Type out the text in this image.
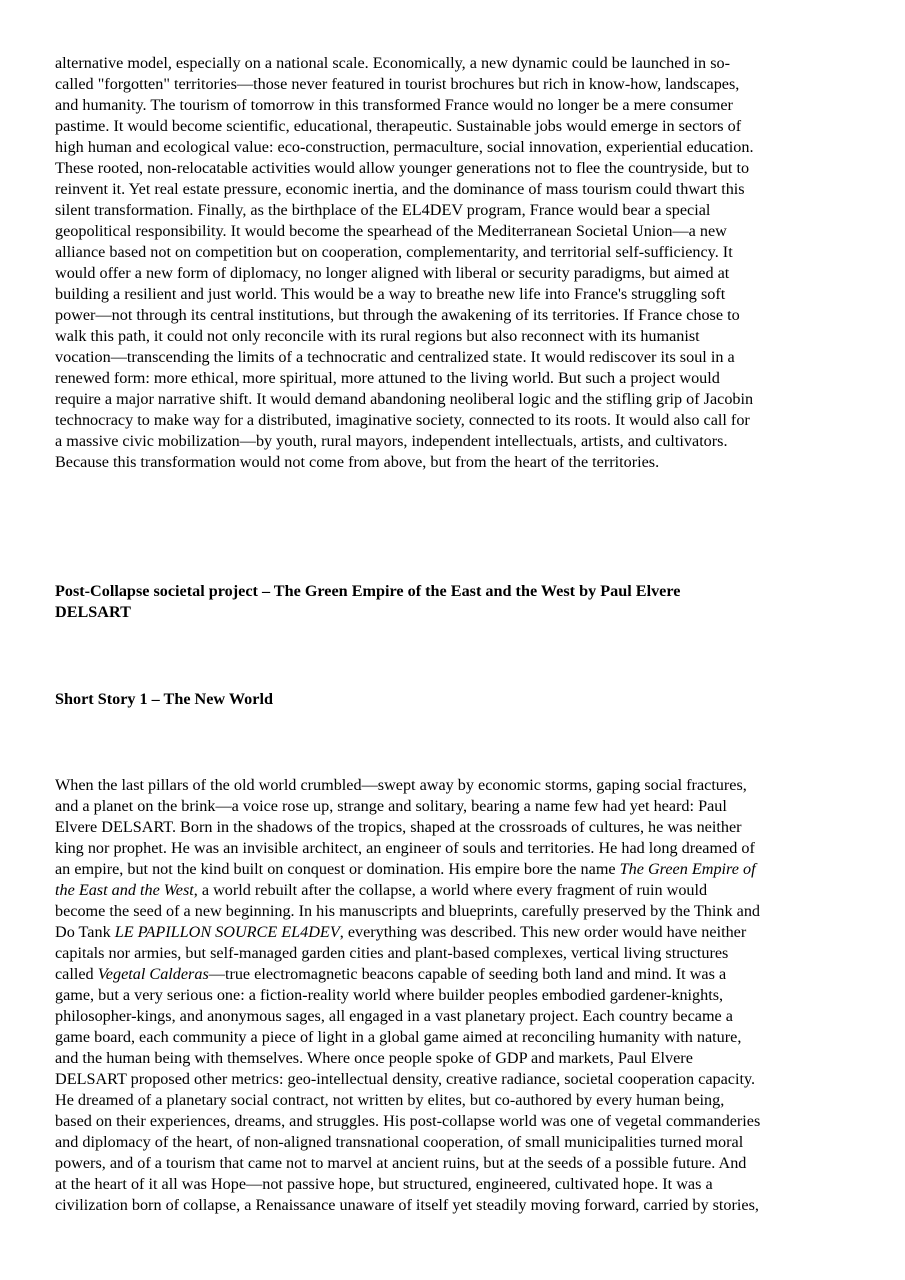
alternative model, especially on a national scale. Economically, a new dynamic could be launched in so-
called "forgotten" territories—those never featured in tourist brochures but rich in know-how, landscapes,
and humanity. The tourism of tomorrow in this transformed France would no longer be a mere consumer
pastime. It would become scientific, educational, therapeutic. Sustainable jobs would emerge in sectors of
high human and ecological value: eco-construction, permaculture, social innovation, experiential education.
These rooted, non-relocatable activities would allow younger generations not to flee the countryside, but to
reinvent it. Yet real estate pressure, economic inertia, and the dominance of mass tourism could thwart this
silent transformation. Finally, as the birthplace of the EL4DEV program, France would bear a special
geopolitical responsibility. It would become the spearhead of the Mediterranean Societal Union—a new
alliance based not on competition but on cooperation, complementarity, and territorial self-sufficiency. It
would offer a new form of diplomacy, no longer aligned with liberal or security paradigms, but aimed at
building a resilient and just world. This would be a way to breathe new life into France's struggling soft
power—not through its central institutions, but through the awakening of its territories. If France chose to
walk this path, it could not only reconcile with its rural regions but also reconnect with its humanist
vocation—transcending the limits of a technocratic and centralized state. It would rediscover its soul in a
renewed form: more ethical, more spiritual, more attuned to the living world. But such a project would
require a major narrative shift. It would demand abandoning neoliberal logic and the stifling grip of Jacobin
technocracy to make way for a distributed, imaginative society, connected to its roots. It would also call for
a massive civic mobilization—by youth, rural mayors, independent intellectuals, artists, and cultivators.
Because this transformation would not come from above, but from the heart of the territories.
Post-Collapse societal project – The Green Empire of the East and the West by Paul Elvere
DELSART
Short Story 1 – The New World
When the last pillars of the old world crumbled—swept away by economic storms, gaping social fractures,
and a planet on the brink—a voice rose up, strange and solitary, bearing a name few had yet heard: Paul
Elvere DELSART. Born in the shadows of the tropics, shaped at the crossroads of cultures, he was neither
king nor prophet. He was an invisible architect, an engineer of souls and territories. He had long dreamed of
an empire, but not the kind built on conquest or domination. His empire bore the name The Green Empire of
the East and the West, a world rebuilt after the collapse, a world where every fragment of ruin would
become the seed of a new beginning. In his manuscripts and blueprints, carefully preserved by the Think and
Do Tank LE PAPILLON SOURCE EL4DEV, everything was described. This new order would have neither
capitals nor armies, but self-managed garden cities and plant-based complexes, vertical living structures
called Vegetal Calderas—true electromagnetic beacons capable of seeding both land and mind. It was a
game, but a very serious one: a fiction-reality world where builder peoples embodied gardener-knights,
philosopher-kings, and anonymous sages, all engaged in a vast planetary project. Each country became a
game board, each community a piece of light in a global game aimed at reconciling humanity with nature,
and the human being with themselves. Where once people spoke of GDP and markets, Paul Elvere
DELSART proposed other metrics: geo-intellectual density, creative radiance, societal cooperation capacity.
He dreamed of a planetary social contract, not written by elites, but co-authored by every human being,
based on their experiences, dreams, and struggles. His post-collapse world was one of vegetal commanderies
and diplomacy of the heart, of non-aligned transnational cooperation, of small municipalities turned moral
powers, and of a tourism that came not to marvel at ancient ruins, but at the seeds of a possible future. And
at the heart of it all was Hope—not passive hope, but structured, engineered, cultivated hope. It was a
civilization born of collapse, a Renaissance unaware of itself yet steadily moving forward, carried by stories,
